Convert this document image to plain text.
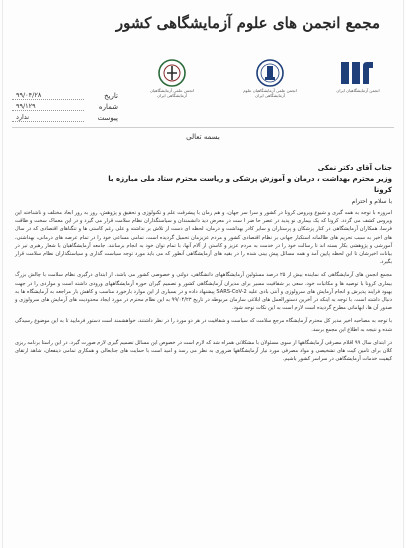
مجمع انجمن های علوم آزمایشگاهی کشور
انجمن آزمایشگاهیان ایران
انجمن علمی آزمایشگاهیان علوم آزمایشگاهی ایران
انجمن علمی آزمایشگاهیان آزمایشگاهی ایران
تاریخ
۹۹/۰۴/۲۸
شماره
۹۹/۱۲۹
پیوست
ندارد
بسمه تعالی
جناب آقای دکتر نمکی
وزیر محترم بهداشت ، درمان و آموزش پزشکی و ریاست محترم ستاد ملی مبارزه با کرونا
با سلام و احترام

امروزه با توجه به همه گیری و شیوع ویروس کرونا در کشور و سرا سر جهان، و هم زمان با پیشرفت علم و تکنولوژی و تحقیق و پژوهش، روز به روز ابعاد مختلف و ناشناخته این ویروس کشف می گردد. کرونا که یک بیماری نو پدید در عصر حا ضر ا ست در معرض دید دانشمندان و سیاستگذاران نظام سلامت قرار می گیرد و در این معماک سخت و طاقت فرسا، همکاران آزمایشگاهی در کنار پزشکان و پرستاران و سایر کادر بهداشت و درمان، لحظه ای دست از تلاش بر نداشته و علی رغم کاستی ها و تنگناهای اقتصادی که در سال های اخیر به سبب تحریم های ظالمانه استکبار جهانی بر نظام اقتصادی کشور و مردم عزیزمان تحمیل گردیده است، تمامی مساعی خود را در تمام عرصه های درمانی، بهداشتی، آموزشی و پژوهشی بکار بسته اند تا رسالت خود را در خدمت به مردم عزیز و کاستن از آلام آنها، با تمام توان خود به انجام برسانند. جامعه آزمایشگاهیان با شعار رهبری تیر در بیانات اخیرشان تا این لحظه پایین آمد و همه مسائل پیش بینی شده را در بقیه های آزمایشگاهی آنطور که می باید مورد توجه سیاست گذاری و سیاستگذاران نظام سلامت قرار بگیرد.

مجمع انجمن های آزمایشگاهی که نماینده بیش از ۲۵ درصد مسئولین آزمایشگاههای دانشگاهی، دولتی و خصوصی کشور می باشد، از ابتدای درگیری نظام سلامت با چالش بزرگ بیماری کرونا با توصیه ها و مکاتبات خود، سعی بر شفافیت مسیر برای مدیران آزمایشگاهی کشور و تصمیم گیران حوزه آزمایشگاههای ورودی داشته است و مواردی را در جهت بهبود فرایند پذیرش و انجام آزمایش های سرولوژی و آنتی بادی علیه SARS-CoV-2 پیشنهاد داده و در بسیاری از این موارد بازخورد مناسب و کاهش بار مراجعه به آزمایشگاه ها به دنبال داشته است. با توجه به اینکه در آخرین دستورالعمل های ابلاغی سازمان مربوطه در تاریخ ۹۹/۰۴/۲۳ به این نظام محترم در مورد ایجاد محدودیت های آزمایش های سرولوژی و صدور آن ها، ابهاماتی مطرح گردیده است لازم است به این نکات توجه شود.

با توجه به مصاحبه اخیر مدیر کل محترم آزمایشگاه مرجع سلامت که سیاست و شفافیت در هر دو مورد را در نظر داشتند، خواهشمند است دستور فرمایید تا به این موضوع رسیدگی شده و نتیجه به اطلاع این مجمع برسد.

در ابتدای سال ۹۹ اقلام مصرفی آزمایشگاهها از سوی مسئولان با مشکلاتی همراه شد که لازم است در خصوص این مسائل تصمیم گیری لازم صورت گیرد. در این راستا برنامه ریزی کلان برای تامین کیت های تشخیصی و مواد مصرفی مورد نیاز آزمایشگاهها ضروری به نظر می رسد و امید است با حمایت های جنابعالی و همکاری تمامی ذینفعان، شاهد ارتقای کیفیت خدمات آزمایشگاهی در سراسر کشور باشیم.
